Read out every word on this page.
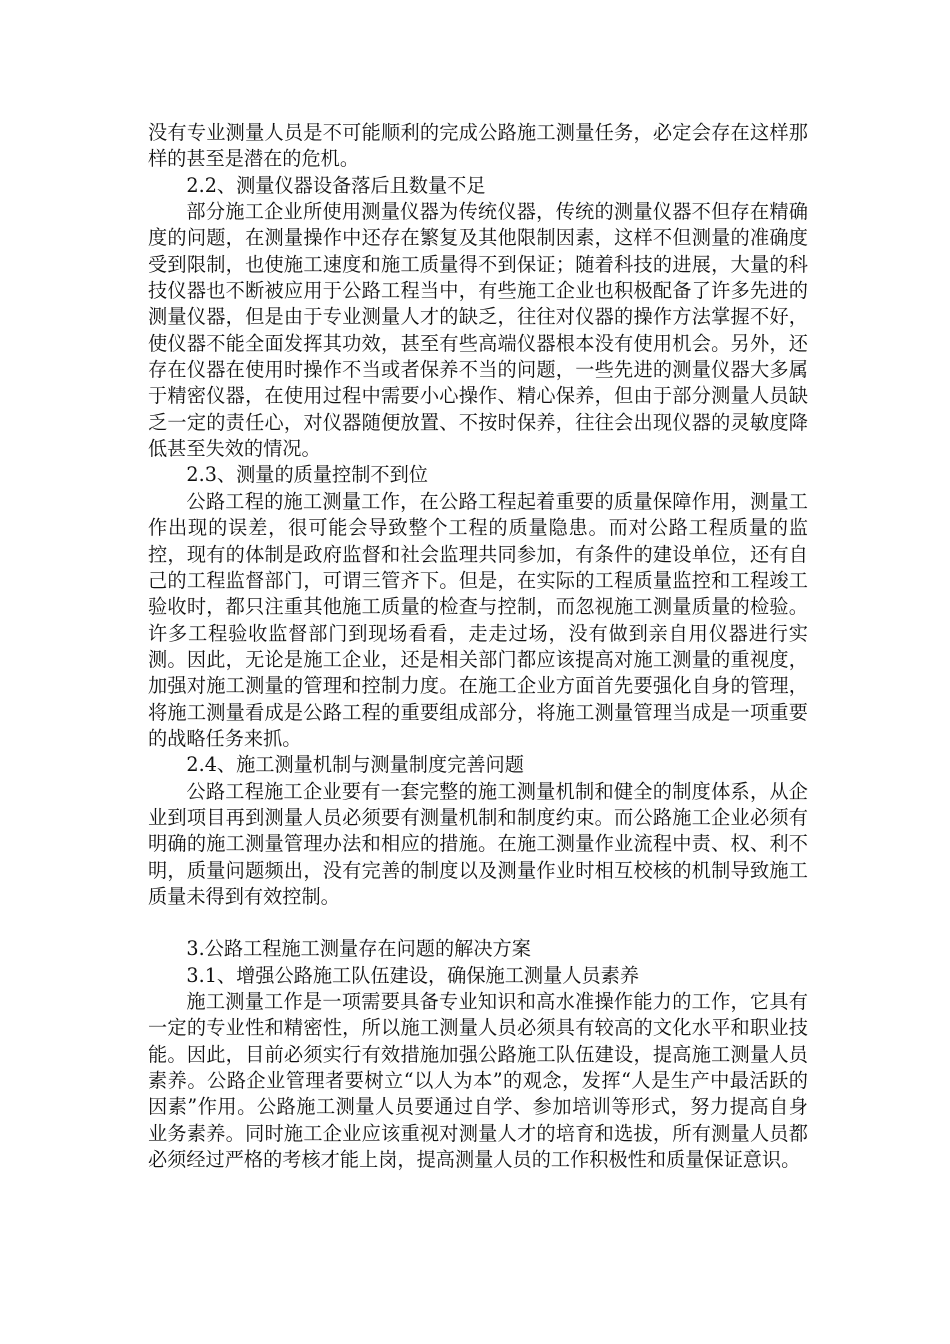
没有专业测量人员是不可能顺利的完成公路施工测量任务，必定会存在这样那样的甚至是潜在的危机。

2.2、测量仪器设备落后且数量不足

部分施工企业所使用测量仪器为传统仪器，传统的测量仪器不但存在精确度的问题，在测量操作中还存在繁复及其他限制因素，这样不但测量的准确度受到限制，也使施工速度和施工质量得不到保证；随着科技的进展，大量的科技仪器也不断被应用于公路工程当中，有些施工企业也积极配备了许多先进的测量仪器，但是由于专业测量人才的缺乏，往往对仪器的操作方法掌握不好，使仪器不能全面发挥其功效，甚至有些高端仪器根本没有使用机会。另外，还存在仪器在使用时操作不当或者保养不当的问题，一些先进的测量仪器大多属于精密仪器，在使用过程中需要小心操作、精心保养，但由于部分测量人员缺乏一定的责任心，对仪器随便放置、不按时保养，往往会出现仪器的灵敏度降低甚至失效的情况。

2.3、测量的质量控制不到位

公路工程的施工测量工作，在公路工程起着重要的质量保障作用，测量工作出现的误差，很可能会导致整个工程的质量隐患。而对公路工程质量的监控，现有的体制是政府监督和社会监理共同参加，有条件的建设单位，还有自己的工程监督部门，可谓三管齐下。但是，在实际的工程质量监控和工程竣工验收时，都只注重其他施工质量的检查与控制，而忽视施工测量质量的检验。许多工程验收监督部门到现场看看，走走过场，没有做到亲自用仪器进行实测。因此，无论是施工企业，还是相关部门都应该提高对施工测量的重视度，加强对施工测量的管理和控制力度。在施工企业方面首先要强化自身的管理，将施工测量看成是公路工程的重要组成部分，将施工测量管理当成是一项重要的战略任务来抓。

2.4、施工测量机制与测量制度完善问题

公路工程施工企业要有一套完整的施工测量机制和健全的制度体系，从企业到项目再到测量人员必须要有测量机制和制度约束。而公路施工企业必须有明确的施工测量管理办法和相应的措施。在施工测量作业流程中责、权、利不明，质量问题频出，没有完善的制度以及测量作业时相互校核的机制导致施工质量未得到有效控制。

3.公路工程施工测量存在问题的解决方案

3.1、增强公路施工队伍建设，确保施工测量人员素养

施工测量工作是一项需要具备专业知识和高水准操作能力的工作，它具有一定的专业性和精密性，所以施工测量人员必须具有较高的文化水平和职业技能。因此，目前必须实行有效措施加强公路施工队伍建设，提高施工测量人员素养。公路企业管理者要树立“以人为本”的观念，发挥“人是生产中最活跃的因素”作用。公路施工测量人员要通过自学、参加培训等形式，努力提高自身业务素养。同时施工企业应该重视对测量人才的培育和选拔，所有测量人员都必须经过严格的考核才能上岗，提高测量人员的工作积极性和质量保证意识。
